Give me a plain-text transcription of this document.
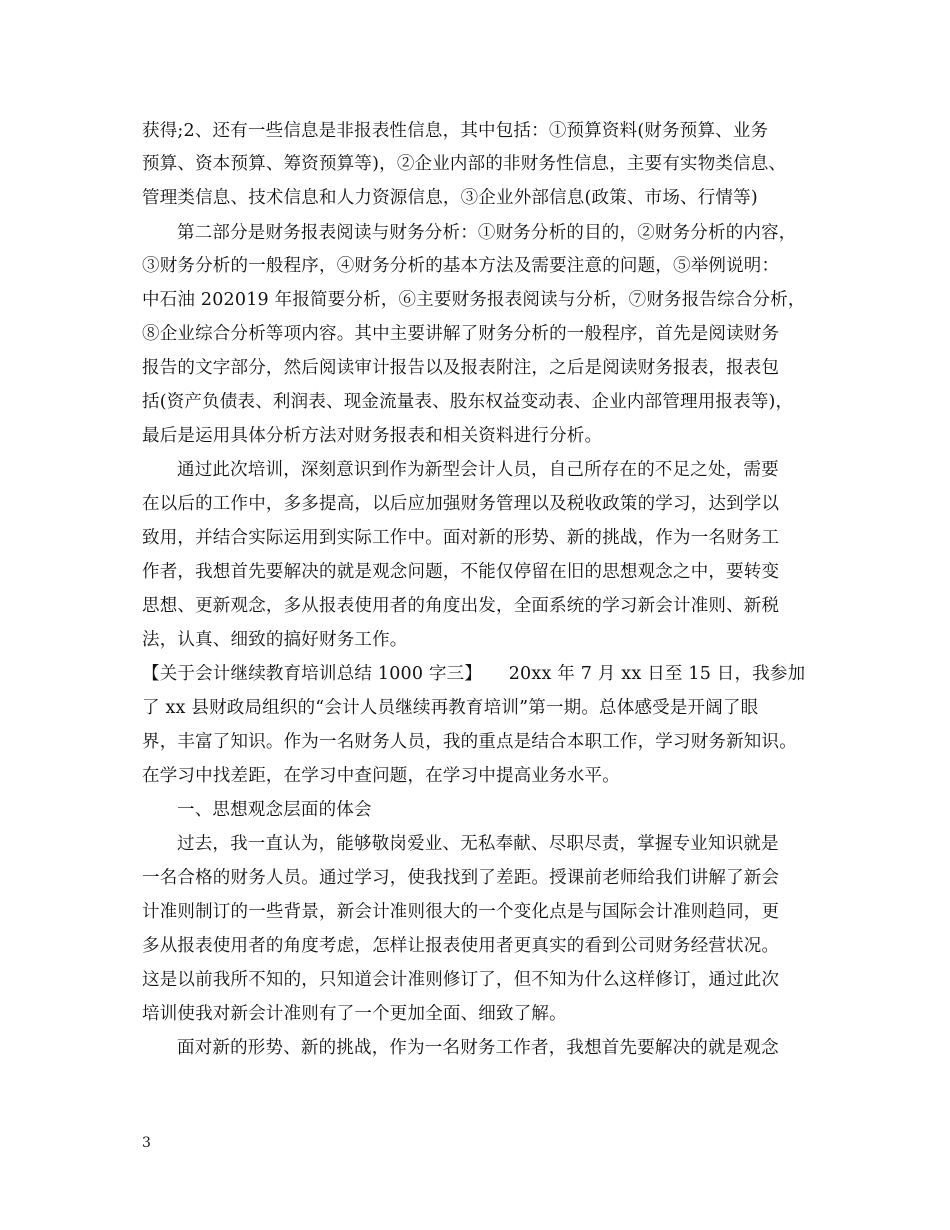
获得;2、还有一些信息是非报表性信息，其中包括：①预算资料(财务预算、业务
预算、资本预算、筹资预算等)，②企业内部的非财务性信息，主要有实物类信息、
管理类信息、技术信息和人力资源信息，③企业外部信息(政策、市场、行情等)
第二部分是财务报表阅读与财务分析：①财务分析的目的，②财务分析的内容，
③财务分析的一般程序，④财务分析的基本方法及需要注意的问题，⑤举例说明：
中石油 202019 年报简要分析，⑥主要财务报表阅读与分析，⑦财务报告综合分析，
⑧企业综合分析等项内容。其中主要讲解了财务分析的一般程序，首先是阅读财务
报告的文字部分，然后阅读审计报告以及报表附注，之后是阅读财务报表，报表包
括(资产负债表、利润表、现金流量表、股东权益变动表、企业内部管理用报表等)，
最后是运用具体分析方法对财务报表和相关资料进行分析。
通过此次培训，深刻意识到作为新型会计人员，自己所存在的不足之处，需要
在以后的工作中，多多提高，以后应加强财务管理以及税收政策的学习，达到学以
致用，并结合实际运用到实际工作中。面对新的形势、新的挑战，作为一名财务工
作者，我想首先要解决的就是观念问题，不能仅停留在旧的思想观念之中，要转变
思想、更新观念，多从报表使用者的角度出发，全面系统的学习新会计准则、新税
法，认真、细致的搞好财务工作。
【关于会计继续教育培训总结 1000 字三】　　20xx 年 7 月 xx 日至 15 日，我参加
了 xx 县财政局组织的“会计人员继续再教育培训”第一期。总体感受是开阔了眼
界，丰富了知识。作为一名财务人员，我的重点是结合本职工作，学习财务新知识。
在学习中找差距，在学习中查问题，在学习中提高业务水平。
一、思想观念层面的体会
过去，我一直认为，能够敬岗爱业、无私奉献、尽职尽责，掌握专业知识就是
一名合格的财务人员。通过学习，使我找到了差距。授课前老师给我们讲解了新会
计准则制订的一些背景，新会计准则很大的一个变化点是与国际会计准则趋同，更
多从报表使用者的角度考虑，怎样让报表使用者更真实的看到公司财务经营状况。
这是以前我所不知的，只知道会计准则修订了，但不知为什么这样修订，通过此次
培训使我对新会计准则有了一个更加全面、细致了解。
面对新的形势、新的挑战，作为一名财务工作者，我想首先要解决的就是观念
3
